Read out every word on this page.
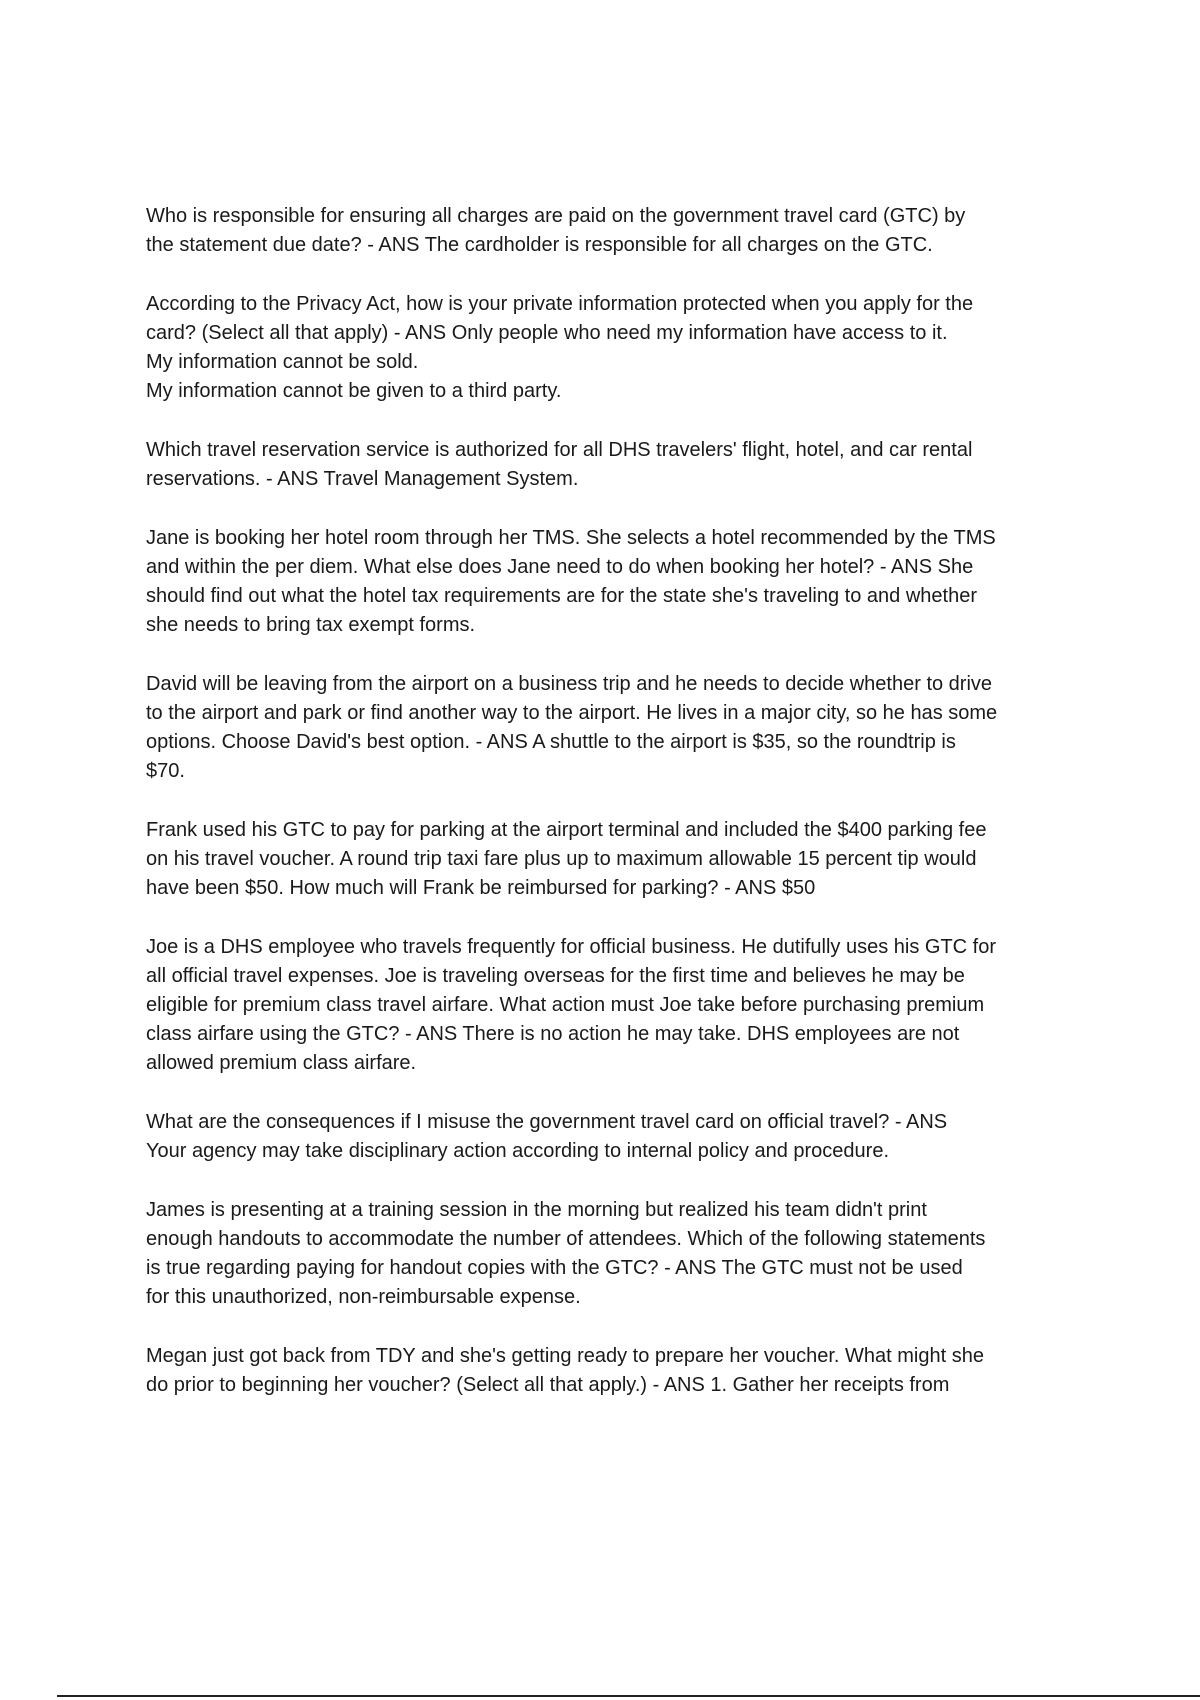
Who is responsible for ensuring all charges are paid on the government travel card (GTC) by
the statement due date? - ANS The cardholder is responsible for all charges on the GTC.

According to the Privacy Act, how is your private information protected when you apply for the
card? (Select all that apply) - ANS Only people who need my information have access to it.
My information cannot be sold.
My information cannot be given to a third party.

Which travel reservation service is authorized for all DHS travelers' flight, hotel, and car rental
reservations. - ANS Travel Management System.

Jane is booking her hotel room through her TMS. She selects a hotel recommended by the TMS
and within the per diem. What else does Jane need to do when booking her hotel? - ANS She
should find out what the hotel tax requirements are for the state she's traveling to and whether
she needs to bring tax exempt forms.

David will be leaving from the airport on a business trip and he needs to decide whether to drive
to the airport and park or find another way to the airport. He lives in a major city, so he has some
options. Choose David's best option. - ANS A shuttle to the airport is $35, so the roundtrip is
$70.

Frank used his GTC to pay for parking at the airport terminal and included the $400 parking fee
on his travel voucher. A round trip taxi fare plus up to maximum allowable 15 percent tip would
have been $50. How much will Frank be reimbursed for parking? - ANS $50

Joe is a DHS employee who travels frequently for official business. He dutifully uses his GTC for
all official travel expenses. Joe is traveling overseas for the first time and believes he may be
eligible for premium class travel airfare. What action must Joe take before purchasing premium
class airfare using the GTC? - ANS There is no action he may take. DHS employees are not
allowed premium class airfare.

What are the consequences if I misuse the government travel card on official travel? - ANS
Your agency may take disciplinary action according to internal policy and procedure.

James is presenting at a training session in the morning but realized his team didn't print
enough handouts to accommodate the number of attendees. Which of the following statements
is true regarding paying for handout copies with the GTC? - ANS The GTC must not be used
for this unauthorized, non-reimbursable expense.

Megan just got back from TDY and she's getting ready to prepare her voucher. What might she
do prior to beginning her voucher? (Select all that apply.) - ANS 1. Gather her receipts from
